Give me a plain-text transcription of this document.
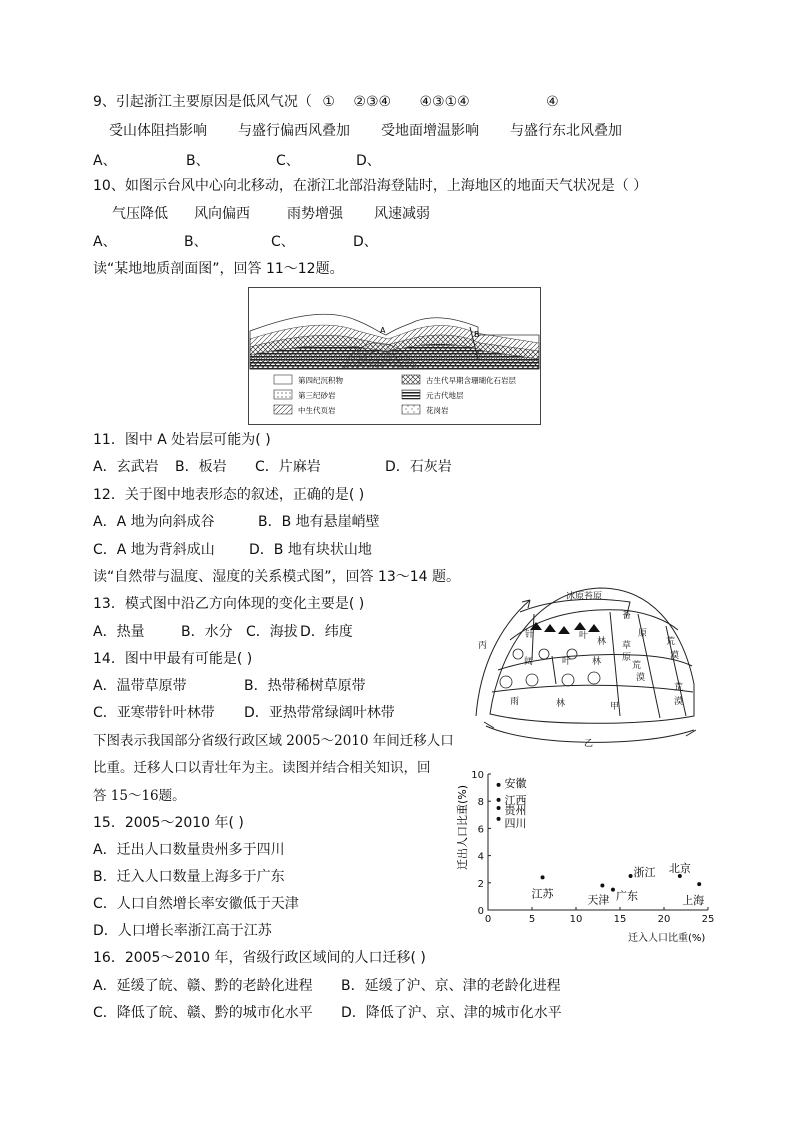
9、引起浙江主要原因是低风气况（ ① ②③④ ④③①④	④
受山体阻挡影响 与盛行偏西风叠加 受地面增温影响 与盛行东北风叠加
A、	B、	C、	D、
10、如图示台风中心向北移动，在浙江北部沿海登陆时，上海地区的地面天气状况是（ ）
气压降低 风向偏西	雨势增强 风速减弱
A、	B、	C、	D、
读“某地地质剖面图”，回答 11～12题。
A	B
第四纪沉积物	古生代早期含珊瑚化石岩层
第三纪砂岩	元古代地层
中生代页岩	花岗岩
11．图中 A 处岩层可能为( )
A．玄武岩 B．板岩 C．片麻岩	D．石灰岩
12．关于图中地表形态的叙述，正确的是( )
A．A 地为向斜成谷	B．B 地有悬崖峭壁
C．A 地为背斜成山 D．B 地有块状山地
读“自然带与温度、湿度的关系模式图”，回答 13～14 题。
13．模式图中沿乙方向体现的变化主要是( )
A．热量	B．水分 C．海拔 D．纬度
14．图中甲最有可能是( )
A．温带草原带	B．热带稀树草原带
C．亚寒带针叶林带 D．亚热带常绿阔叶林带
冰原苔原
针	叶
林
苔
原
荒
漠
草
原
荒
漠
阔	叶 林
雨	林	甲
荒
漠
丙
乙
下图表示我国部分省级行政区域 2005～2010 年间迁移人口
比重。迁移人口以青壮年为主。读图并结合相关知识，回
答 15～16题。
15．2005～2010 年( )
A．迁出人口数量贵州多于四川
B．迁入人口数量上海多于广东
C．人口自然增长率安徽低于天津
D．人口增长率浙江高于江苏
迁出人口比重(%)
迁入人口比重(%)
0	5	10	15	20	25
0
2
4
6
8
10
安徽
江西
贵州
四川
江苏	天津 广东
浙江 北京
上海
16．2005～2010 年，省级行政区域间的人口迁移( )
A．延缓了皖、赣、黔的老龄化进程 B．延缓了沪、京、津的老龄化进程
C．降低了皖、赣、黔的城市化水平 D．降低了沪、京、津的城市化水平
